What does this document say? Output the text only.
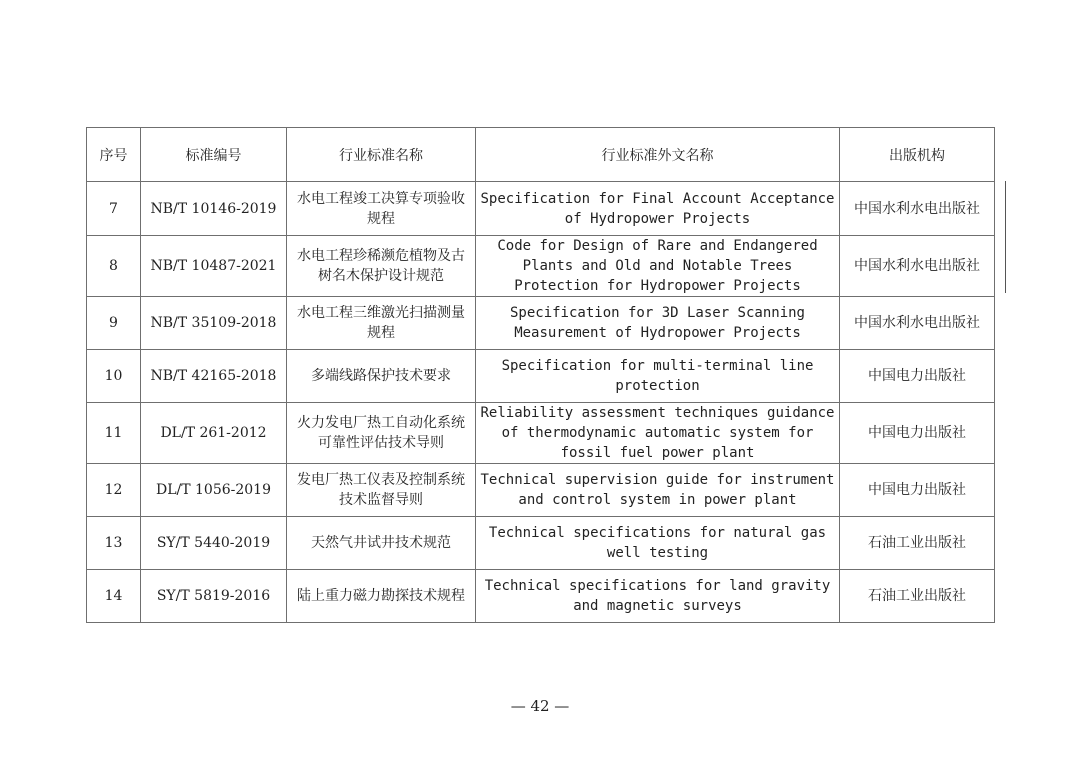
序号	标准编号	行业标准名称	行业标准外文名称	出版机构
7	NB/T 10146-2019	水电工程竣工决算专项验收规程	Specification for Final Account Acceptance of Hydropower Projects	中国水利水电出版社
8	NB/T 10487-2021	水电工程珍稀濒危植物及古树名木保护设计规范	Code for Design of Rare and Endangered Plants and Old and Notable Trees Protection for Hydropower Projects	中国水利水电出版社
9	NB/T 35109-2018	水电工程三维激光扫描测量规程	Specification for 3D Laser Scanning Measurement of Hydropower Projects	中国水利水电出版社
10	NB/T 42165-2018	多端线路保护技术要求	Specification for multi-terminal line protection	中国电力出版社
11	DL/T 261-2012	火力发电厂热工自动化系统可靠性评估技术导则	Reliability assessment techniques guidance of thermodynamic automatic system for fossil fuel power plant	中国电力出版社
12	DL/T 1056-2019	发电厂热工仪表及控制系统技术监督导则	Technical supervision guide for instrument and control system in power plant	中国电力出版社
13	SY/T 5440-2019	天然气井试井技术规范	Technical specifications for natural gas well testing	石油工业出版社
14	SY/T 5819-2016	陆上重力磁力勘探技术规程	Technical specifications for land gravity and magnetic surveys	石油工业出版社
— 42 —
